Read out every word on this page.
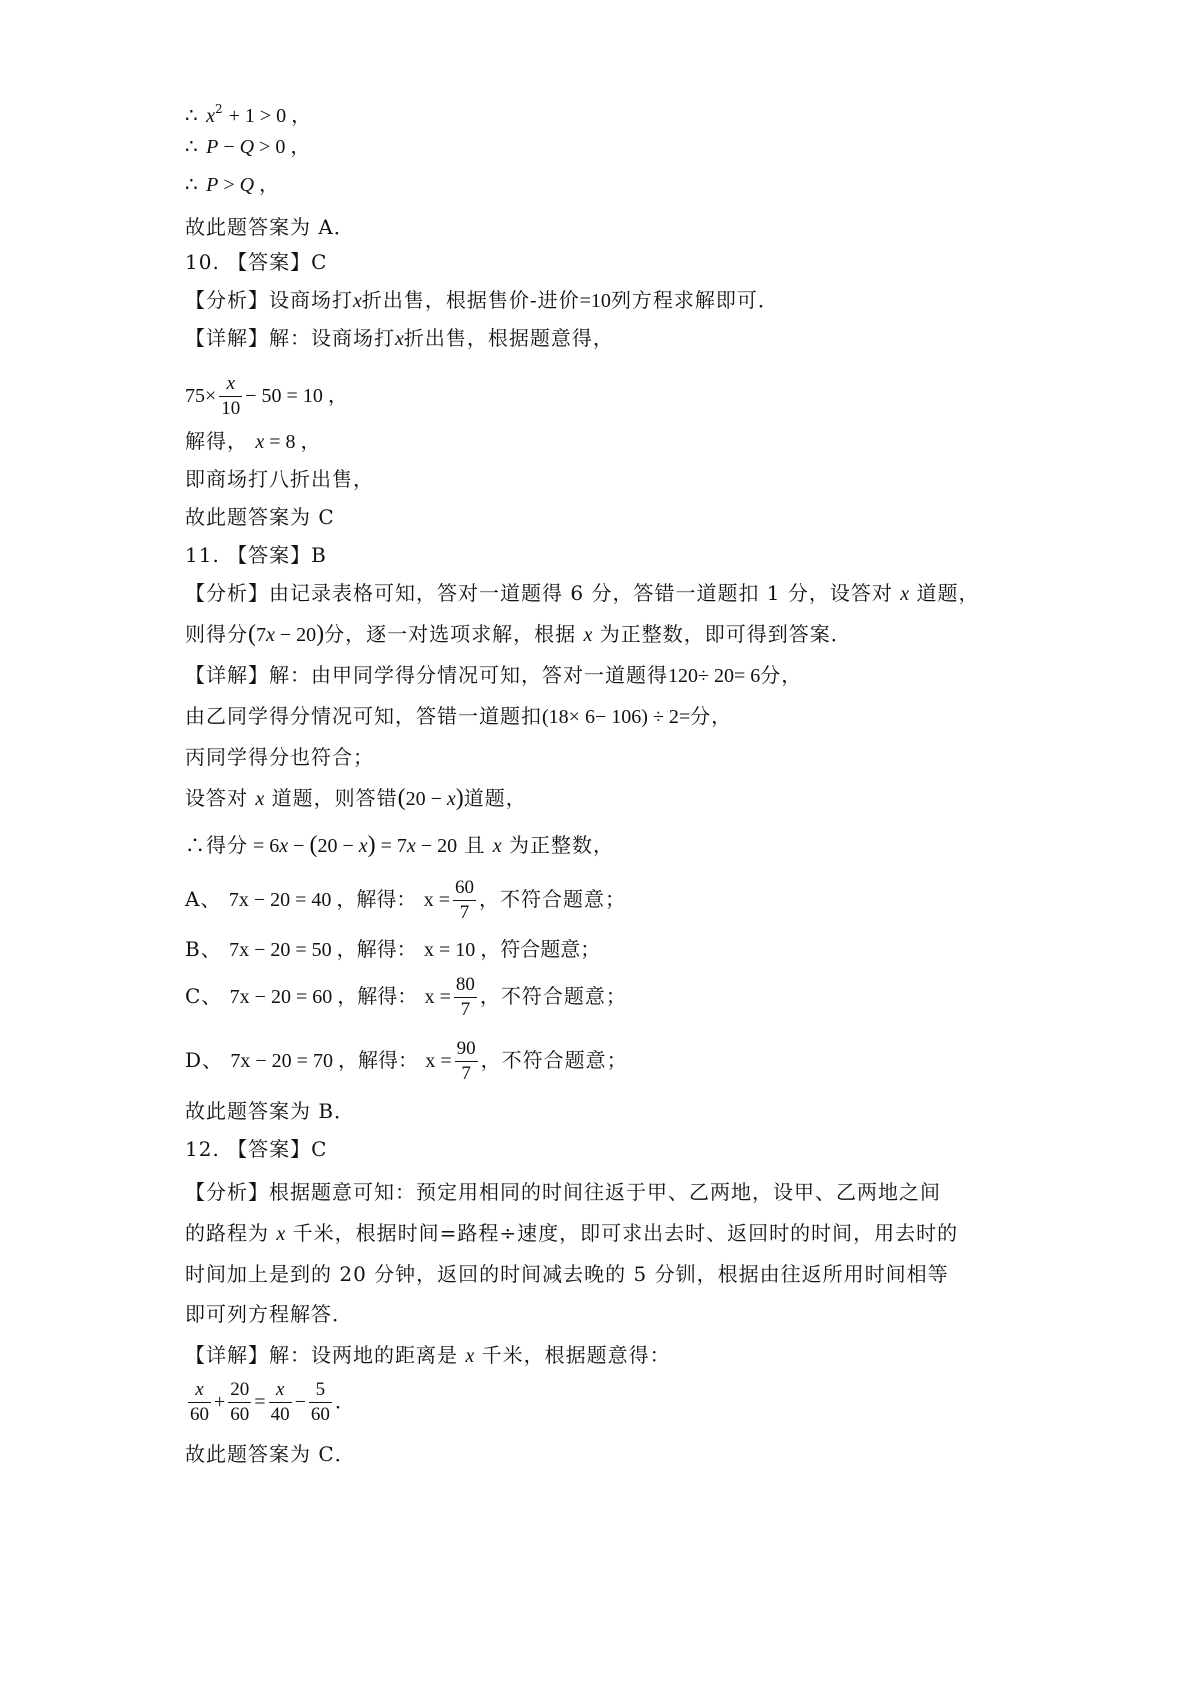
∴ $x^2 + 1 > 0$ ，
∴ P − Q > 0 ，
∴ P > Q ，
故此题答案为 A．
10. 【答案】C
【分析】设商场打x折出售，根据售价-进价=10列方程求解即可．
【详解】解：设商场打x折出售，根据题意得，
$75\times \frac{x}{10} - 50 = 10$ ，
解得， x = 8 ，
即商场打八折出售，
故此题答案为 C
11. 【答案】B
【分析】由记录表格可知，答对一道题得 6 分，答错一道题扣 1 分，设答对 x 道题，
则得分(7x − 20)分，逐一对选项求解，根据 x 为正整数，即可得到答案．
【详解】解：由甲同学得分情况可知，答对一道题得120÷ 20= 6分，
由乙同学得分情况可知，答错一道题扣(18× 6− 106) ÷ 2=分，
丙同学得分也符合；
设答对 x 道题，则答错(20 − x)道题，
∴得分 = 6x − (20 − x) = 7x − 20 且 x 为正整数，
A、 7x − 20 = 40 ，解得： $x = \frac{60}{7}$ ，不符合题意；
B、 7x − 20 = 50 ，解得： x = 10 ，符合题意；
C、 7x − 20 = 60 ，解得： $x = \frac{80}{7}$ ，不符合题意；
D、 7x − 20 = 70 ，解得： $x = \frac{90}{7}$ ，不符合题意；
故此题答案为 B．
12. 【答案】C
【分析】根据题意可知：预定用相同的时间往返于甲、乙两地，设甲、乙两地之间
的路程为 x 千米，根据时间=路程÷速度，即可求出去时、返回时的时间，用去时的
时间加上是到的 20 分钟，返回的时间减去晚的 5 分钏，根据由往返所用时间相等
即可列方程解答．
【详解】解：设两地的距离是 x 千米，根据题意得：
$\frac{x}{60} + \frac{20}{60} = \frac{x}{40} - \frac{5}{60}$ ．
故此题答案为 C．
